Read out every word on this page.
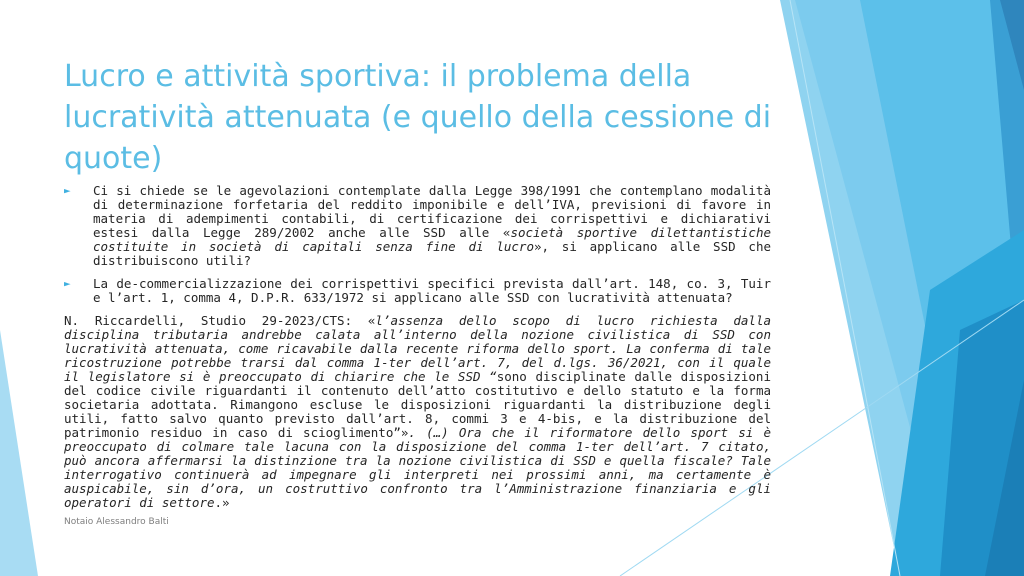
Lucro e attività sportiva: il problema della lucratività attenuata (e quello della cessione di quote)
► Ci si chiede se le agevolazioni contemplate dalla Legge 398/1991 che contemplano modalità di determinazione forfetaria del reddito imponibile e dell’IVA, previsioni di favore in materia di adempimenti contabili, di certificazione dei corrispettivi e dichiarativi estesi dalla Legge 289/2002 anche alle SSD alle «società sportive dilettantistiche costituite in società di capitali senza fine di lucro», si applicano alle SSD che distribuiscono utili?
► La de-commercializzazione dei corrispettivi specifici prevista dall’art. 148, co. 3, Tuir e l’art. 1, comma 4, D.P.R. 633/1972 si applicano alle SSD con lucratività attenuata?
N. Riccardelli, Studio 29-2023/CTS: «l’assenza dello scopo di lucro richiesta dalla disciplina tributaria andrebbe calata all’interno della nozione civilistica di SSD con lucratività attenuata, come ricavabile dalla recente riforma dello sport. La conferma di tale ricostruzione potrebbe trarsi dal comma 1-ter dell’art. 7, del d.lgs. 36/2021, con il quale il legislatore si è preoccupato di chiarire che le SSD “sono disciplinate dalle disposizioni del codice civile riguardanti il contenuto dell’atto costitutivo e dello statuto e la forma societaria adottata. Rimangono escluse le disposizioni riguardanti la distribuzione degli utili, fatto salvo quanto previsto dall’art. 8, commi 3 e 4-bis, e la distribuzione del patrimonio residuo in caso di scioglimento”». (…) Ora che il riformatore dello sport si è preoccupato di colmare tale lacuna con la disposizione del comma 1-ter dell’art. 7 citato, può ancora affermarsi la distinzione tra la nozione civilistica di SSD e quella fiscale? Tale interrogativo continuerà ad impegnare gli interpreti nei prossimi anni, ma certamente è auspicabile, sin d’ora, un costruttivo confronto tra l’Amministrazione finanziaria e gli operatori di settore.»
Notaio Alessandro Balti
